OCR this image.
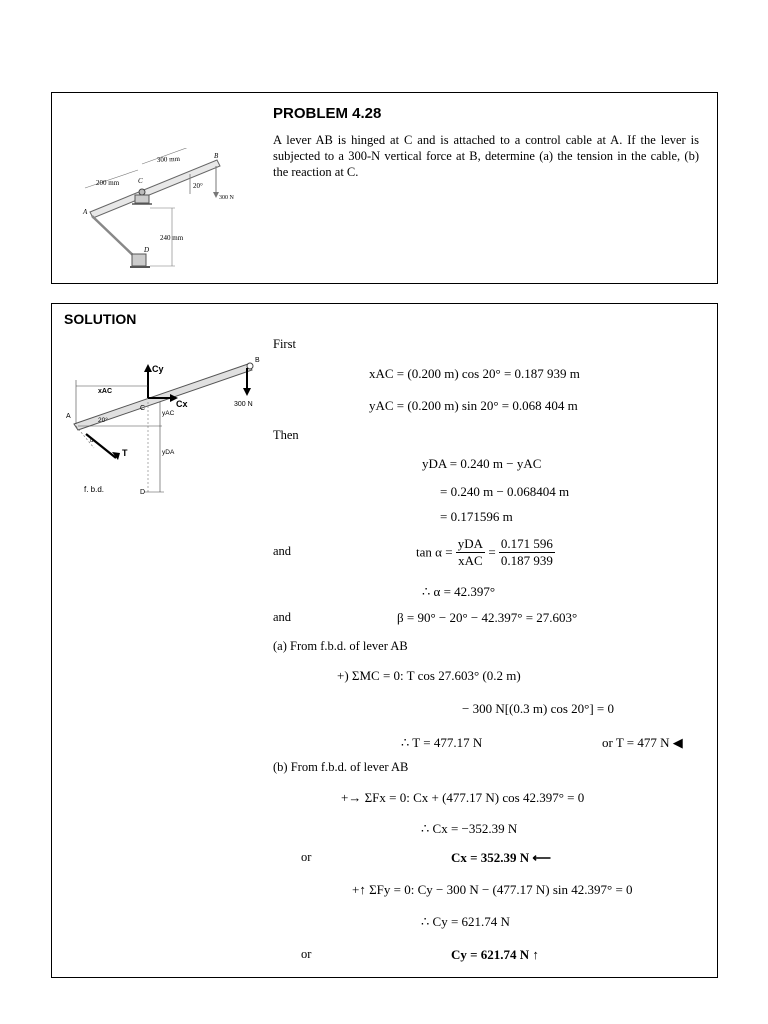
300 mm
200 mm
240 mm
20°
300 N
A
B
C
D
PROBLEM 4.28
A lever AB is hinged at C and is attached to a control cable at A. If the lever is subjected to a 300-N vertical force at B, determine (a) the tension in the cable, (b) the reaction at C.
SOLUTION
Cy
Cx
xAC
yAC
yDA
T
300 N
20°
α
A
B
C
D
f. b.d.
First
xAC = (0.200 m) cos 20° = 0.187 939 m
yAC = (0.200 m) sin 20° = 0.068 404 m
Then
yDA = 0.240 m − yAC
= 0.240 m − 0.068404 m
= 0.171596 m
and	$\tan \alpha = \frac{\text{yDA}}{\text{xAC}} = \frac{0.171 596}{0.187 939}$
∴ α = 42.397°
and	β = 90° − 20° − 42.397° = 27.603°
(a) From f.b.d. of lever AB
+) ΣMC = 0: T cos 27.603° (0.2 m)
− 300 N[(0.3 m) cos 20°] = 0
∴ T = 477.17 N	or T = 477 N ◀
(b) From f.b.d. of lever AB
+→ ΣFx = 0: Cx + (477.17 N) cos 42.397° = 0
∴ Cx = −352.39 N
or	Cx = 352.39 N ⟵
+↑ ΣFy = 0: Cy − 300 N − (477.17 N) sin 42.397° = 0
∴ Cy = 621.74 N
or	Cy = 621.74 N ↑
